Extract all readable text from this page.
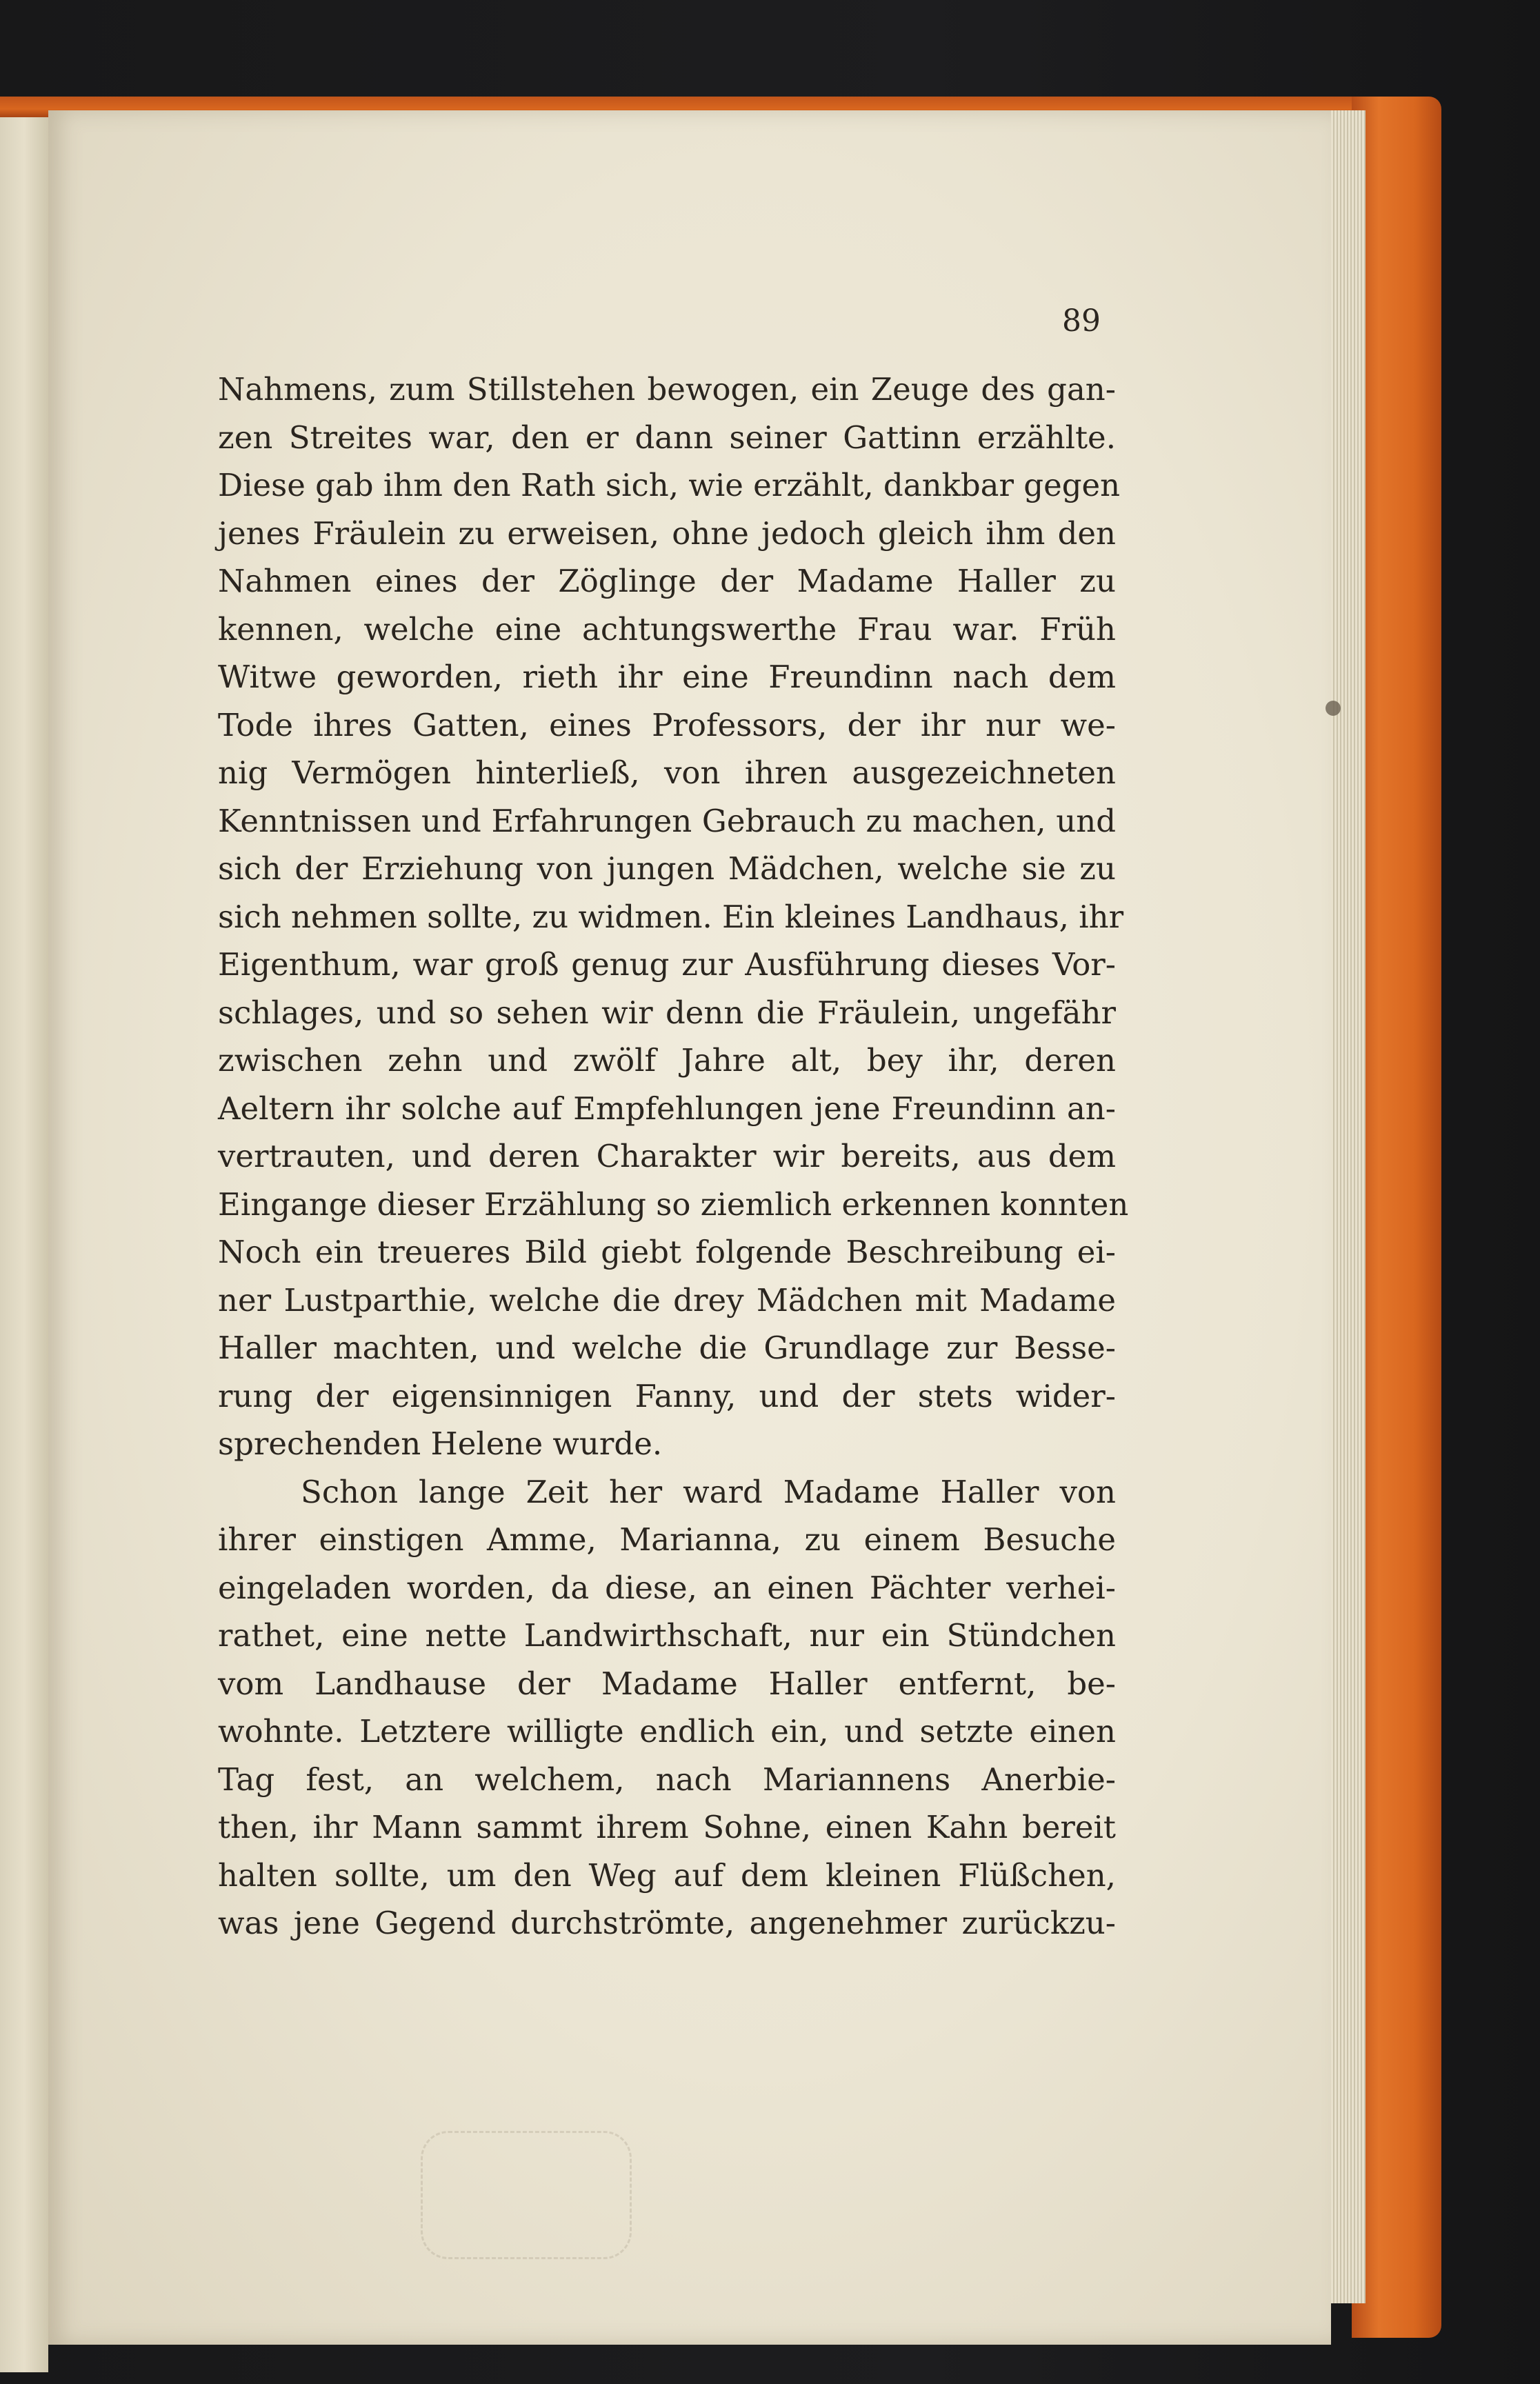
89
Nahmens, zum Stillstehen bewogen, ein Zeuge des gan-
zen Streites war, den er dann seiner Gattinn erzählte.
Diese gab ihm den Rath sich, wie erzählt, dankbar gegen
jenes Fräulein zu erweisen, ohne jedoch gleich ihm den
Nahmen eines der Zöglinge der Madame Haller zu
kennen, welche eine achtungswerthe Frau war. Früh
Witwe geworden, rieth ihr eine Freundinn nach dem
Tode ihres Gatten, eines Professors, der ihr nur we-
nig Vermögen hinterließ, von ihren ausgezeichneten
Kenntnissen und Erfahrungen Gebrauch zu machen, und
sich der Erziehung von jungen Mädchen, welche sie zu
sich nehmen sollte, zu widmen. Ein kleines Landhaus, ihr
Eigenthum, war groß genug zur Ausführung dieses Vor-
schlages, und so sehen wir denn die Fräulein, ungefähr
zwischen zehn und zwölf Jahre alt, bey ihr, deren
Aeltern ihr solche auf Empfehlungen jene Freundinn an-
vertrauten, und deren Charakter wir bereits, aus dem
Eingange dieser Erzählung so ziemlich erkennen konnten
Noch ein treueres Bild giebt folgende Beschreibung ei-
ner Lustparthie, welche die drey Mädchen mit Madame
Haller machten, und welche die Grundlage zur Besse-
rung der eigensinnigen Fanny, und der stets wider-
sprechenden Helene wurde.
Schon lange Zeit her ward Madame Haller von
ihrer einstigen Amme, Marianna, zu einem Besuche
eingeladen worden, da diese, an einen Pächter verhei-
rathet, eine nette Landwirthschaft, nur ein Stündchen
vom Landhause der Madame Haller entfernt, be-
wohnte. Letztere willigte endlich ein, und setzte einen
Tag fest, an welchem, nach Mariannens Anerbie-
then, ihr Mann sammt ihrem Sohne, einen Kahn bereit
halten sollte, um den Weg auf dem kleinen Flüßchen,
was jene Gegend durchströmte, angenehmer zurückzu-
